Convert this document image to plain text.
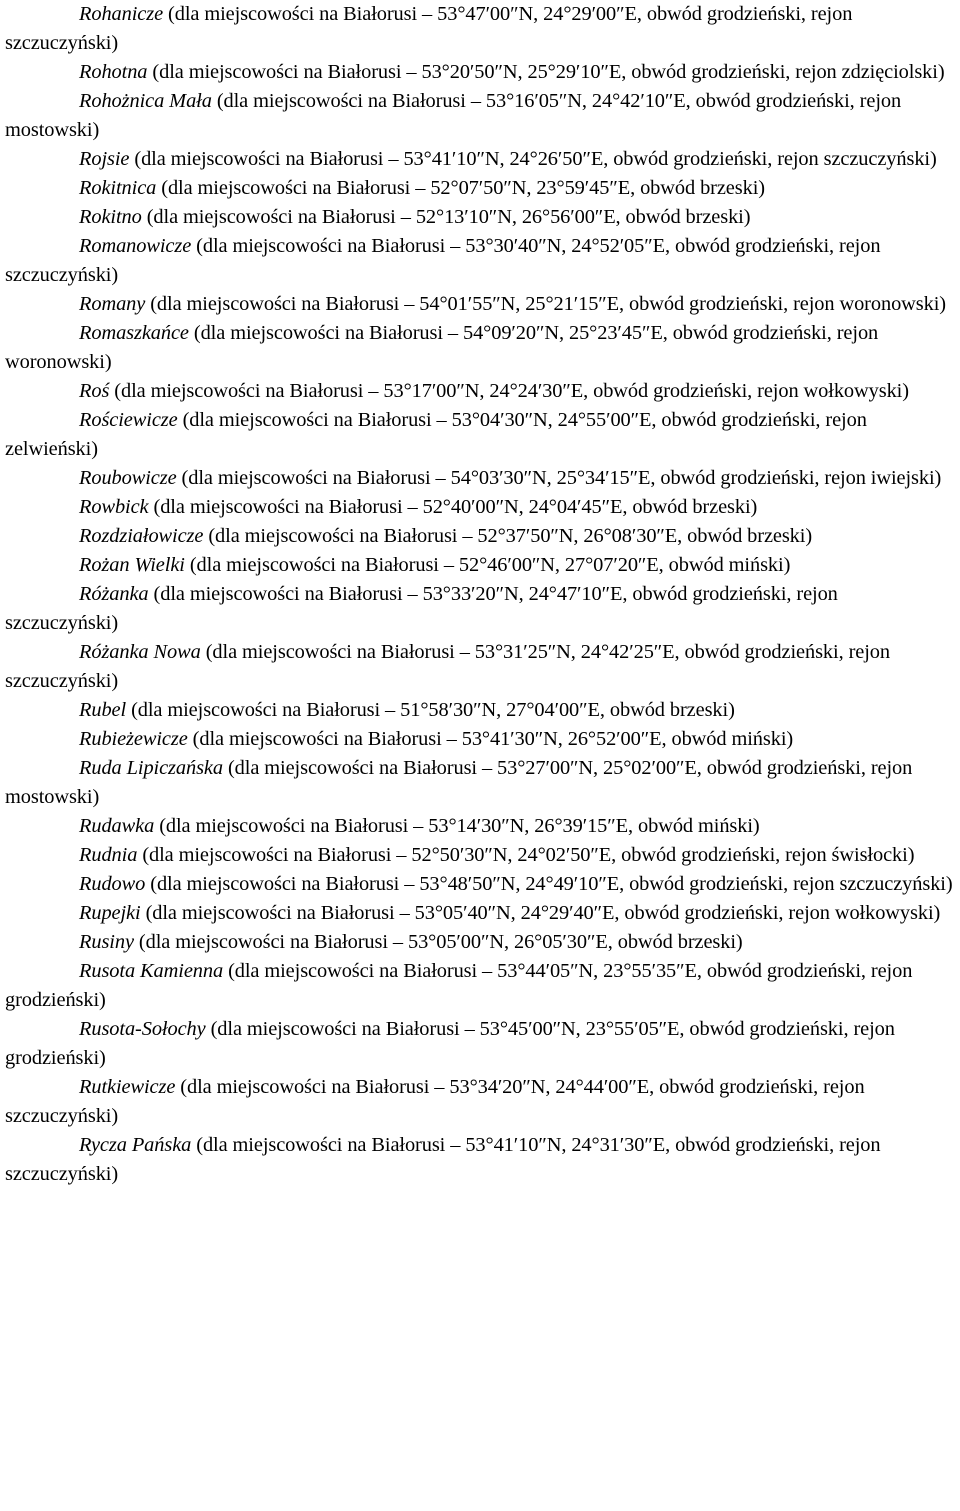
Rohanicze (dla miejscowości na Białorusi – 53°47′00″N, 24°29′00″E, obwód grodzieński, rejon szczuczyński)

Rohotna (dla miejscowości na Białorusi – 53°20′50″N, 25°29′10″E, obwód grodzieński, rejon zdzięciolski)

Rohożnica Mała (dla miejscowości na Białorusi – 53°16′05″N, 24°42′10″E, obwód grodzieński, rejon mostowski)

Rojsie (dla miejscowości na Białorusi – 53°41′10″N, 24°26′50″E, obwód grodzieński, rejon szczuczyński)

Rokitnica (dla miejscowości na Białorusi – 52°07′50″N, 23°59′45″E, obwód brzeski)

Rokitno (dla miejscowości na Białorusi – 52°13′10″N, 26°56′00″E, obwód brzeski)

Romanowicze (dla miejscowości na Białorusi – 53°30′40″N, 24°52′05″E, obwód grodzieński, rejon szczuczyński)

Romany (dla miejscowości na Białorusi – 54°01′55″N, 25°21′15″E, obwód grodzieński, rejon woronowski)

Romaszkańce (dla miejscowości na Białorusi – 54°09′20″N, 25°23′45″E, obwód grodzieński, rejon woronowski)

Roś (dla miejscowości na Białorusi – 53°17′00″N, 24°24′30″E, obwód grodzieński, rejon wołkowyski)

Rościewicze (dla miejscowości na Białorusi – 53°04′30″N, 24°55′00″E, obwód grodzieński, rejon zelwieński)

Roubowicze (dla miejscowości na Białorusi – 54°03′30″N, 25°34′15″E, obwód grodzieński, rejon iwiejski)

Rowbick (dla miejscowości na Białorusi – 52°40′00″N, 24°04′45″E, obwód brzeski)

Rozdziałowicze (dla miejscowości na Białorusi – 52°37′50″N, 26°08′30″E, obwód brzeski)

Rożan Wielki (dla miejscowości na Białorusi – 52°46′00″N, 27°07′20″E, obwód miński)

Różanka (dla miejscowości na Białorusi – 53°33′20″N, 24°47′10″E, obwód grodzieński, rejon szczuczyński)

Różanka Nowa (dla miejscowości na Białorusi – 53°31′25″N, 24°42′25″E, obwód grodzieński, rejon szczuczyński)

Rubel (dla miejscowości na Białorusi – 51°58′30″N, 27°04′00″E, obwód brzeski)

Rubieżewicze (dla miejscowości na Białorusi – 53°41′30″N, 26°52′00″E, obwód miński)

Ruda Lipiczańska (dla miejscowości na Białorusi – 53°27′00″N, 25°02′00″E, obwód grodzieński, rejon mostowski)

Rudawka (dla miejscowości na Białorusi – 53°14′30″N, 26°39′15″E, obwód miński)

Rudnia (dla miejscowości na Białorusi – 52°50′30″N, 24°02′50″E, obwód grodzieński, rejon świsłocki)

Rudowo (dla miejscowości na Białorusi – 53°48′50″N, 24°49′10″E, obwód grodzieński, rejon szczuczyński)

Rupejki (dla miejscowości na Białorusi – 53°05′40″N, 24°29′40″E, obwód grodzieński, rejon wołkowyski)

Rusiny (dla miejscowości na Białorusi – 53°05′00″N, 26°05′30″E, obwód brzeski)

Rusota Kamienna (dla miejscowości na Białorusi – 53°44′05″N, 23°55′35″E, obwód grodzieński, rejon grodzieński)

Rusota-Sołochy (dla miejscowości na Białorusi – 53°45′00″N, 23°55′05″E, obwód grodzieński, rejon grodzieński)

Rutkiewicze (dla miejscowości na Białorusi – 53°34′20″N, 24°44′00″E, obwód grodzieński, rejon szczuczyński)

Rycza Pańska (dla miejscowości na Białorusi – 53°41′10″N, 24°31′30″E, obwód grodzieński, rejon szczuczyński)
